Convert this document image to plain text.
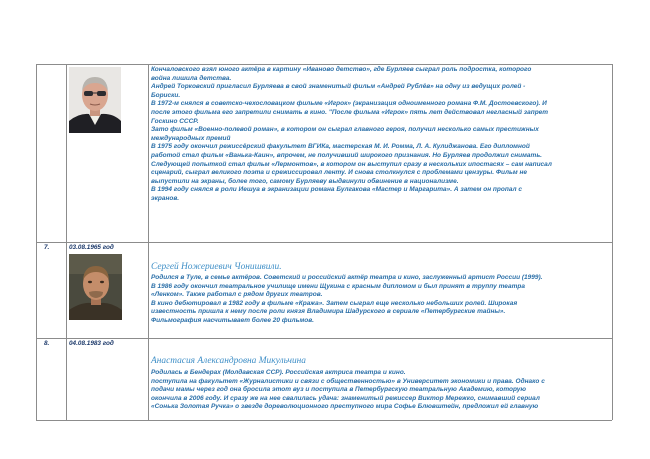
Кончаловского взял юного актёра в картину «Иваново детство», где Бурляев сыграл роль подростка, которого
война лишила детства.
Андрей Торковский пригласил Бурляева в свой знаменитый фильм «Андрей Рублёв» на одну из ведущих ролей -
Бориски.
В 1972-м снялся в советско-чехословацком фильме «Игрок» (экранизация одноименного романа Ф.М. Достоевского). И
после этого фильма его запретили снимать в кино. "После фильма «Игрок» пять лет действовал негласный запрет
Госкино СССР.
Зато фильм «Военно-полевой роман», в котором он сыграл главного героя, получил несколько самых престижных
международных премий
В 1975 году окончил режиссёрский факультет ВГИКа, мастерская М. И. Ромма, Л. А. Кулиджанова. Его дипломной
работой стал фильм «Ванька-Каин», впрочем, не получивший широкого признания. Но Бурляев продолжил снимать.
Следующей попыткой стал фильм «Лермонтов», в котором он выступил сразу в нескольких ипостасях – сам написал
сценарий, сыграл великого поэта и срежиссировал ленту. И снова столкнулся с проблемами цензуры. Фильм не
выпустили на экраны, более того, самому Бурляеву выдвинули обвинение в национализме.
В 1994 году снялся в роли Иешуа в экранизации романа Булгакова «Мастер и Маргарита». А затем он пропал с
экранов.
7.	03.08.1965 год
Сергей Ножериевич Чонишвили.
Родился в Туле, в семье актёров. Советский и российский актёр театра и кино, заслуженный артист России (1999).
В 1986 году окончил театральное училище имени Щукина с красным дипломом и был принят в труппу театра
«Ленком». Также работал с рядом других театров.
В кино дебютировал в 1982 году в фильме «Кража». Затем сыграл еще несколько небольших ролей. Широкая
известность пришла к нему после роли князя Владимира Шадурского в сериале «Петербургские тайны».
Фильмография насчитывает более 20 фильмов.
8.	04.08.1983 год
Анастасия Александровна Микульчина
Родилась в Бендерах (Молдавская ССР). Российская актриса театра и кино.
поступила на факультет «Журналистики и связи с общественностью» в Университет экономики и права. Однако с
подачи мамы через год она бросила этот вуз и поступила в Петербургскую театральную Академию, которую
окончила в 2006 году. И сразу же на нее свалилась удача: знаменитый режиссер Виктор Мережко, снимавший сериал
«Сонька Золотая Ручка» о звезде дореволюционного преступного мира Софье Блювштейн, предложил ей главную
